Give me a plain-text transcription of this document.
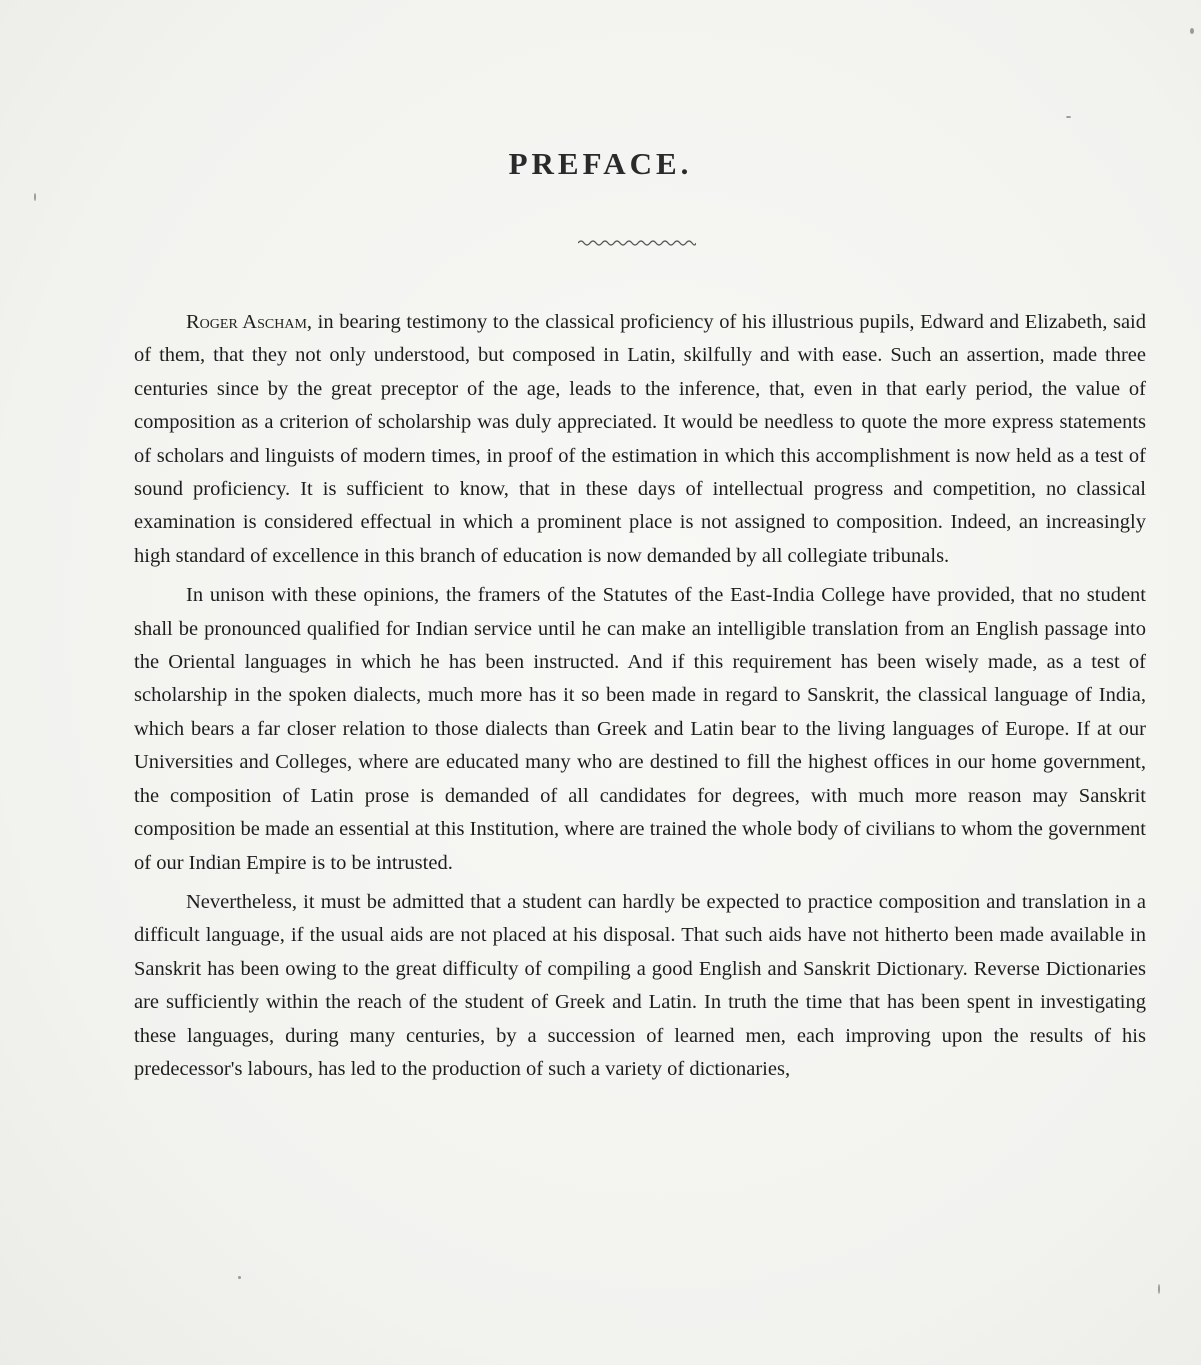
PREFACE.

Roger Ascham, in bearing testimony to the classical proficiency of his illustrious pupils, Edward and Elizabeth, said of them, that they not only understood, but composed in Latin, skilfully and with ease. Such an assertion, made three centuries since by the great preceptor of the age, leads to the inference, that, even in that early period, the value of composition as a criterion of scholarship was duly appreciated. It would be needless to quote the more express statements of scholars and linguists of modern times, in proof of the estimation in which this accomplishment is now held as a test of sound proficiency. It is sufficient to know, that in these days of intellectual progress and competition, no classical examination is considered effectual in which a prominent place is not assigned to composition. Indeed, an increasingly high standard of excellence in this branch of education is now demanded by all collegiate tribunals.

In unison with these opinions, the framers of the Statutes of the East-India College have provided, that no student shall be pronounced qualified for Indian service until he can make an intelligible translation from an English passage into the Oriental languages in which he has been instructed. And if this requirement has been wisely made, as a test of scholarship in the spoken dialects, much more has it so been made in regard to Sanskrit, the classical language of India, which bears a far closer relation to those dialects than Greek and Latin bear to the living languages of Europe. If at our Universities and Colleges, where are educated many who are destined to fill the highest offices in our home government, the composition of Latin prose is demanded of all candidates for degrees, with much more reason may Sanskrit composition be made an essential at this Institution, where are trained the whole body of civilians to whom the government of our Indian Empire is to be intrusted.

Nevertheless, it must be admitted that a student can hardly be expected to practice composition and translation in a difficult language, if the usual aids are not placed at his disposal. That such aids have not hitherto been made available in Sanskrit has been owing to the great difficulty of compiling a good English and Sanskrit Dictionary. Reverse Dictionaries are sufficiently within the reach of the student of Greek and Latin. In truth the time that has been spent in investigating these languages, during many centuries, by a succession of learned men, each improving upon the results of his predecessor's labours, has led to the production of such a variety of dictionaries,
